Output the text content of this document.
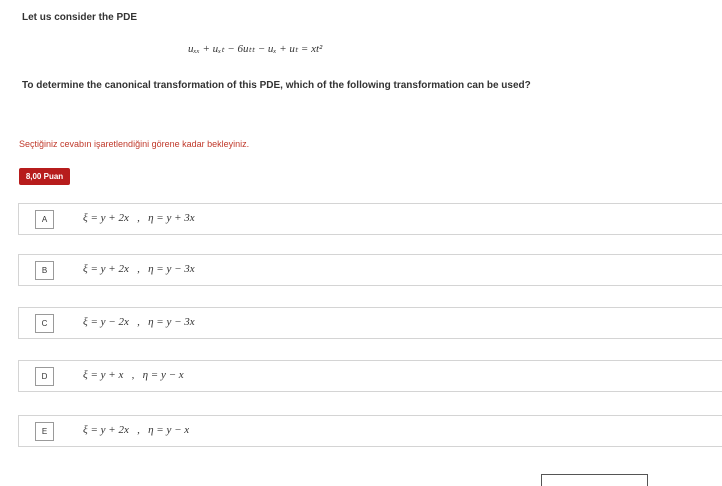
Let us consider the PDE
uₓₓ + uₓₜ − 6uₜₜ − uₓ + uₜ = xt²
To determine the canonical transformation of this PDE, which of the following transformation can be used?
Seçtiğiniz cevabın işaretlendiğini görene kadar bekleyiniz.
8,00 Puan
A	ξ = y + 2x   ,   η = y + 3x
B	ξ = y + 2x   ,   η = y − 3x
C	ξ = y − 2x   ,   η = y − 3x
D	ξ = y + x   ,   η = y − x
E	ξ = y + 2x   ,   η = y − x
